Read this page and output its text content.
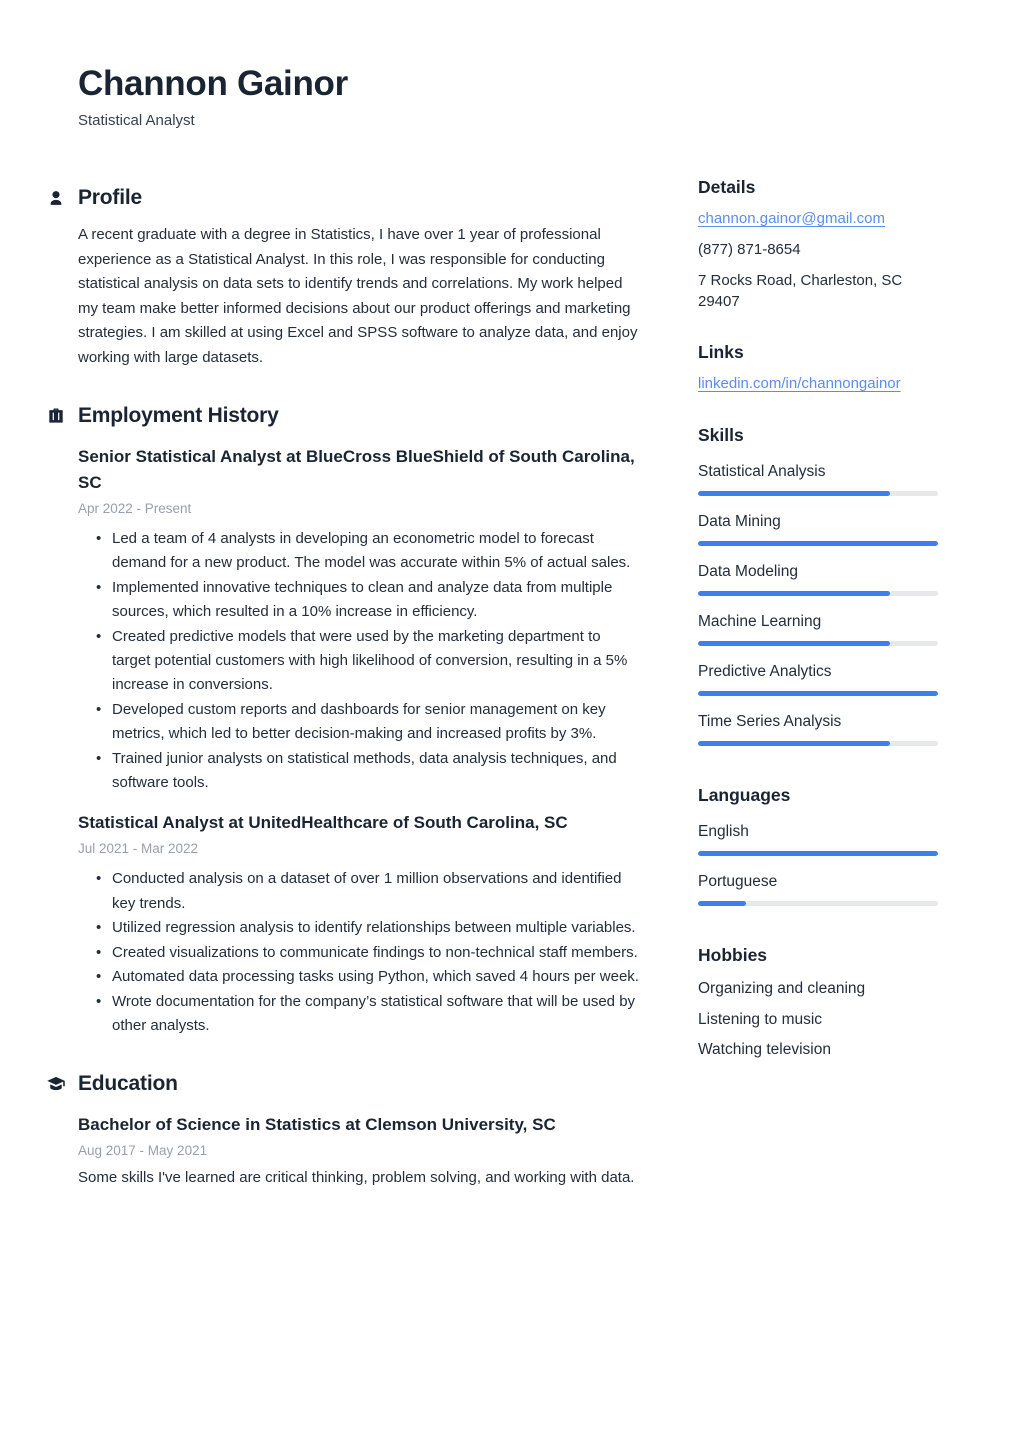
Channon Gainor
Statistical Analyst
Profile
A recent graduate with a degree in Statistics, I have over 1 year of professional experience as a Statistical Analyst. In this role, I was responsible for conducting statistical analysis on data sets to identify trends and correlations. My work helped my team make better informed decisions about our product offerings and marketing strategies. I am skilled at using Excel and SPSS software to analyze data, and enjoy working with large datasets.
Employment History
Senior Statistical Analyst at BlueCross BlueShield of South Carolina, SC
Apr 2022 - Present
• Led a team of 4 analysts in developing an econometric model to forecast demand for a new product. The model was accurate within 5% of actual sales.
• Implemented innovative techniques to clean and analyze data from multiple sources, which resulted in a 10% increase in efficiency.
• Created predictive models that were used by the marketing department to target potential customers with high likelihood of conversion, resulting in a 5% increase in conversions.
• Developed custom reports and dashboards for senior management on key metrics, which led to better decision-making and increased profits by 3%.
• Trained junior analysts on statistical methods, data analysis techniques, and software tools.
Statistical Analyst at UnitedHealthcare of South Carolina, SC
Jul 2021 - Mar 2022
• Conducted analysis on a dataset of over 1 million observations and identified key trends.
• Utilized regression analysis to identify relationships between multiple variables.
• Created visualizations to communicate findings to non-technical staff members.
• Automated data processing tasks using Python, which saved 4 hours per week.
• Wrote documentation for the company’s statistical software that will be used by other analysts.
Education
Bachelor of Science in Statistics at Clemson University, SC
Aug 2017 - May 2021
Some skills I've learned are critical thinking, problem solving, and working with data.
Details
channon.gainor@gmail.com
(877) 871-8654
7 Rocks Road, Charleston, SC 29407
Links
linkedin.com/in/channongainor
Skills
Statistical Analysis
Data Mining
Data Modeling
Machine Learning
Predictive Analytics
Time Series Analysis
Languages
English
Portuguese
Hobbies
Organizing and cleaning
Listening to music
Watching television
